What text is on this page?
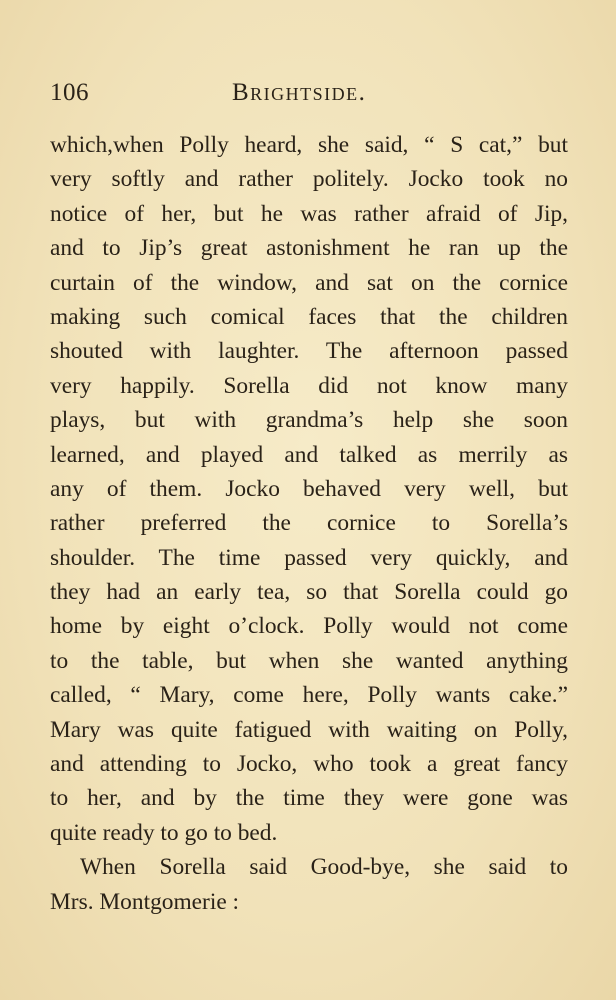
106	Brightside.
which,when Polly heard, she said, “ S cat,” but
very softly and rather politely. Jocko took no
notice of her, but he was rather afraid of Jip,
and to Jip’s great astonishment he ran up the
curtain of the window, and sat on the cornice
making such comical faces that the children
shouted with laughter. The afternoon passed
very happily. Sorella did not know many
plays, but with grandma’s help she soon
learned, and played and talked as merrily as
any of them. Jocko behaved very well, but
rather preferred the cornice to Sorella’s
shoulder. The time passed very quickly, and
they had an early tea, so that Sorella could go
home by eight o’clock. Polly would not come
to the table, but when she wanted anything
called, “ Mary, come here, Polly wants cake.”
Mary was quite fatigued with waiting on Polly,
and attending to Jocko, who took a great fancy
to her, and by the time they were gone was
quite ready to go to bed.
When Sorella said Good-bye, she said to
Mrs. Montgomerie :
